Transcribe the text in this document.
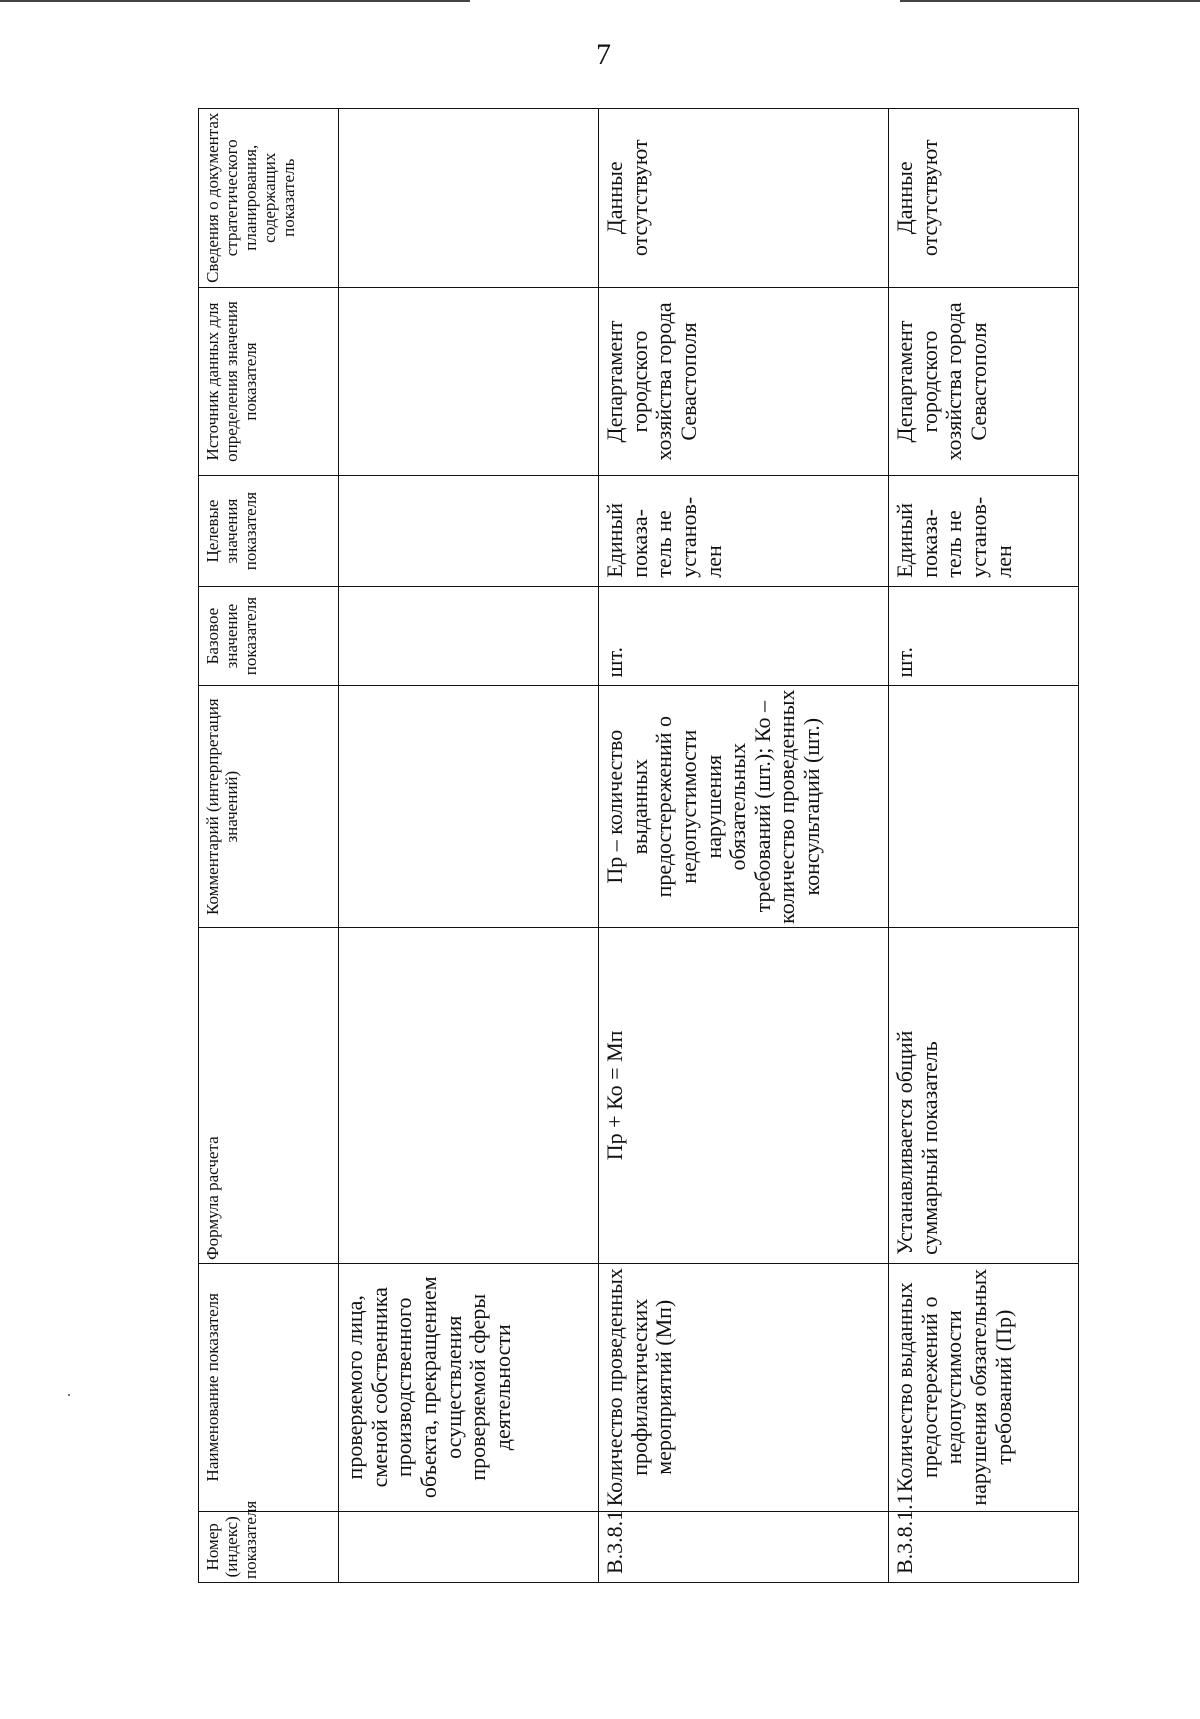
7
Номер (индекс) показателя	Наименование показателя	Формула расчета	Комментарий (интерпретация значений)	Базовое значение показателя	Целевые значения показателя	Источник данных для определения значения показателя	Сведения о документах стратегического планирования, содержащих показатель
	проверяемого лица, сменой собственника производственного объекта, прекращением осуществления проверяемой сферы деятельности						
В.3.8.1	Количество проведенных профилактических мероприятий (Мп)	Пр + Ко = Мп	Пр – количество выданных предостережений о недопустимости нарушения обязательных требований (шт.); Ко – количество проведенных консультаций (шт.)	шт.	Единый показа-тель не установ-лен	Департамент городского хозяйства города Севастополя	Данные отсутствуют
В.3.8.1.1	Количество выданных предостережений о недопустимости нарушения обязательных требований (Пр)	Устанавливается общий суммарный показатель		шт.	Единый показа-тель не установ-лен	Департамент городского хозяйства города Севастополя	Данные отсутствуют
